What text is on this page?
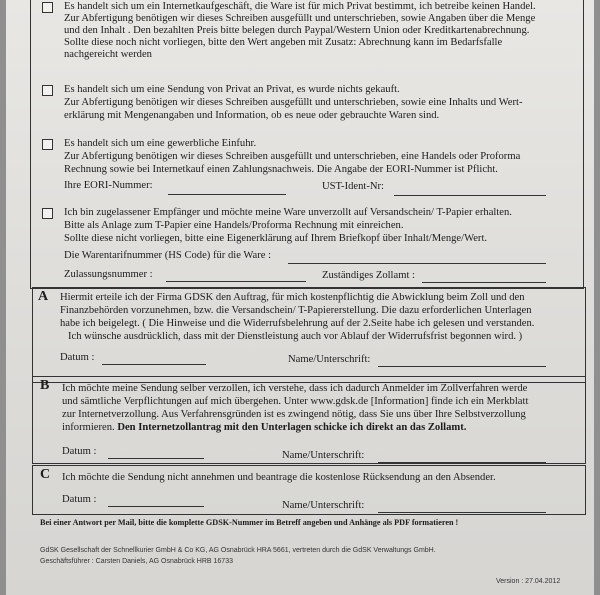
Es handelt sich um ein Internetkaufgeschäft, die Ware ist für mich Privat bestimmt, ich betreibe keinen Handel.
Zur Abfertigung benötigen wir dieses Schreiben ausgefüllt und unterschrieben, sowie Angaben über die Menge
und den Inhalt . Den bezahlten Preis bitte belegen durch Paypal/Western Union oder Kreditkartenabrechnung.
Sollte diese noch nicht vorliegen, bitte den Wert angeben mit Zusatz: Abrechnung kann im Bedarfsfalle
nachgereicht werden
Es handelt sich um eine Sendung von Privat an Privat, es wurde nichts gekauft.
Zur Abfertigung benötigen wir dieses Schreiben ausgefüllt und unterschrieben, sowie eine Inhalts und Wert-
erklärung mit Mengenangaben und Information, ob es neue oder gebrauchte Waren sind.
Es handelt sich um eine gewerbliche Einfuhr.
Zur Abfertigung benötigen wir dieses Schreiben ausgefüllt und unterschrieben, eine Handels oder Proforma
Rechnung sowie bei Internetkauf einen Zahlungsnachweis. Die Angabe der EORI-Nummer ist Pflicht.
Ihre EORI-Nummer:	UST-Ident-Nr:
Ich bin zugelassener Empfänger und möchte meine Ware unverzollt auf Versandschein/ T-Papier erhalten.
Bitte als Anlage zum T-Papier eine Handels/Proforma Rechnung mit einreichen.
Sollte diese nicht vorliegen, bitte eine Eigenerklärung auf Ihrem Briefkopf über Inhalt/Menge/Wert.
Die Warentarifnummer (HS Code) für die Ware :
Zulassungsnummer :	Zuständiges Zollamt :
A Hiermit erteile ich der Firma GDSK den Auftrag, für mich kostenpflichtig die Abwicklung beim Zoll und den
Finanzbehörden vorzunehmen, bzw. die Versandschein/ T-Papiererstellung. Die dazu erforderlichen Unterlagen
habe ich beigelegt. ( Die Hinweise und die Widerrufsbelehrung auf der 2.Seite habe ich gelesen und verstanden.
Ich wünsche ausdrücklich, dass mit der Dienstleistung auch vor Ablauf der Widerrufsfrist begonnen wird. )
Datum :	Name/Unterschrift:
B Ich möchte meine Sendung selber verzollen, ich verstehe, dass ich dadurch Anmelder im Zollverfahren werde
und sämtliche Verpflichtungen auf mich übergehen. Unter www.gdsk.de [Information] finde ich ein Merkblatt
zur Internetverzollung. Aus Verfahrensgründen ist es zwingend nötig, dass Sie uns über Ihre Selbstverzollung
informieren. Den Internetzollantrag mit den Unterlagen schicke ich direkt an das Zollamt.
Datum :	Name/Unterschrift:
C Ich möchte die Sendung nicht annehmen und beantrage die kostenlose Rücksendung an den Absender.
Datum :
Name/Unterschrift:
Bei einer Antwort per Mail, bitte die komplette GDSK-Nummer im Betreff angeben und Anhänge als PDF formatieren !
GdSK Gesellschaft der Schnellkurier GmbH & Co KG, AG Osnabrück HRA 5661, vertreten durch die GdSK Verwaltungs GmbH.
Geschäftsführer : Carsten Daniels, AG Osnabrück HRB 16733
Version : 27.04.2012
